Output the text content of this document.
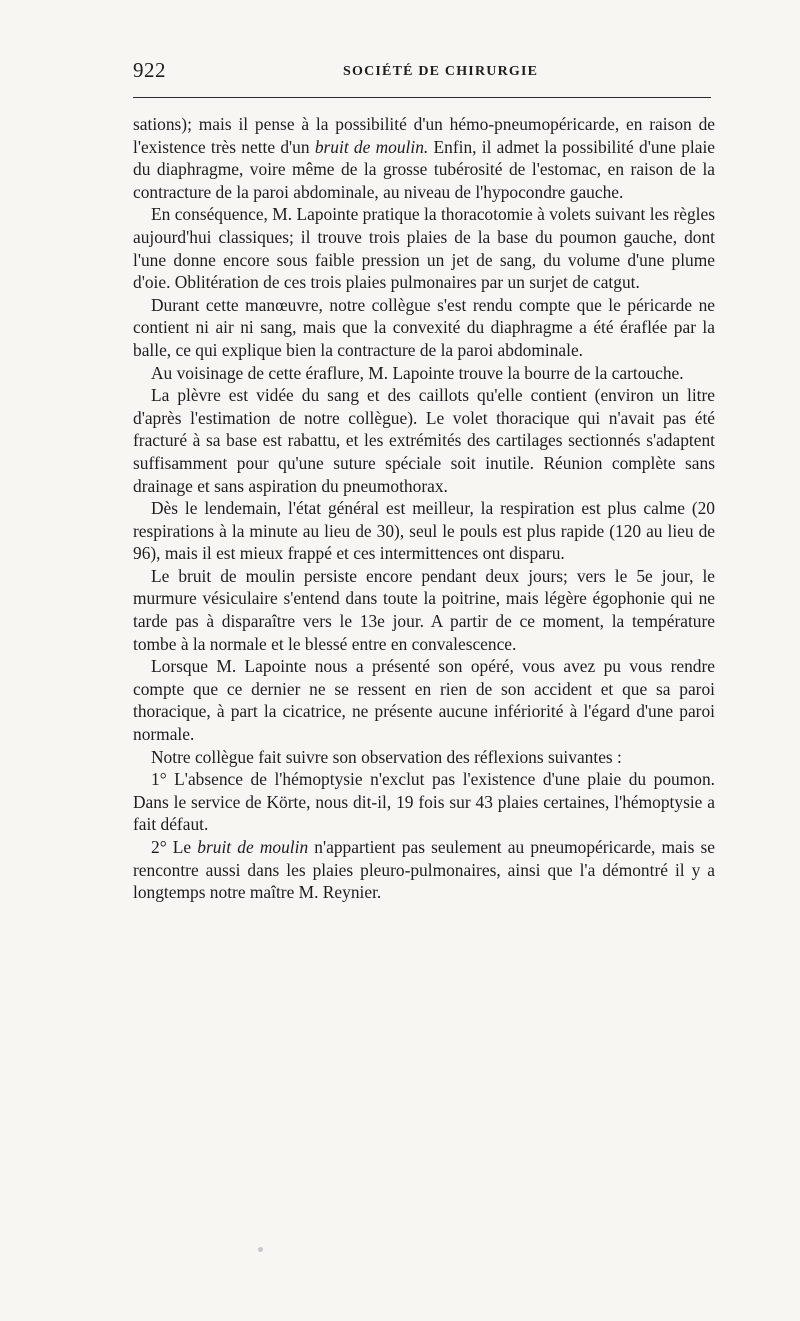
922	SOCIÉTÉ DE CHIRURGIE

sations); mais il pense à la possibilité d'un hémo-pneumopéricarde, en raison de l'existence très nette d'un bruit de moulin. Enfin, il admet la possibilité d'une plaie du diaphragme, voire même de la grosse tubérosité de l'estomac, en raison de la contracture de la paroi abdominale, au niveau de l'hypocondre gauche.

En conséquence, M. Lapointe pratique la thoracotomie à volets suivant les règles aujourd'hui classiques; il trouve trois plaies de la base du poumon gauche, dont l'une donne encore sous faible pression un jet de sang, du volume d'une plume d'oie. Oblitération de ces trois plaies pulmonaires par un surjet de catgut.

Durant cette manœuvre, notre collègue s'est rendu compte que le péricarde ne contient ni air ni sang, mais que la convexité du diaphragme a été éraflée par la balle, ce qui explique bien la contracture de la paroi abdominale.

Au voisinage de cette éraflure, M. Lapointe trouve la bourre de la cartouche.

La plèvre est vidée du sang et des caillots qu'elle contient (environ un litre d'après l'estimation de notre collègue). Le volet thoracique qui n'avait pas été fracturé à sa base est rabattu, et les extrémités des cartilages sectionnés s'adaptent suffisamment pour qu'une suture spéciale soit inutile. Réunion complète sans drainage et sans aspiration du pneumothorax.

Dès le lendemain, l'état général est meilleur, la respiration est plus calme (20 respirations à la minute au lieu de 30), seul le pouls est plus rapide (120 au lieu de 96), mais il est mieux frappé et ces intermittences ont disparu.

Le bruit de moulin persiste encore pendant deux jours; vers le 5e jour, le murmure vésiculaire s'entend dans toute la poitrine, mais légère égophonie qui ne tarde pas à disparaître vers le 13e jour. A partir de ce moment, la température tombe à la normale et le blessé entre en convalescence.

Lorsque M. Lapointe nous a présenté son opéré, vous avez pu vous rendre compte que ce dernier ne se ressent en rien de son accident et que sa paroi thoracique, à part la cicatrice, ne présente aucune infériorité à l'égard d'une paroi normale.

Notre collègue fait suivre son observation des réflexions suivantes :

1° L'absence de l'hémoptysie n'exclut pas l'existence d'une plaie du poumon. Dans le service de Körte, nous dit-il, 19 fois sur 43 plaies certaines, l'hémoptysie a fait défaut.

2° Le bruit de moulin n'appartient pas seulement au pneumopéricarde, mais se rencontre aussi dans les plaies pleuro-pulmonaires, ainsi que l'a démontré il y a longtemps notre maître M. Reynier.
